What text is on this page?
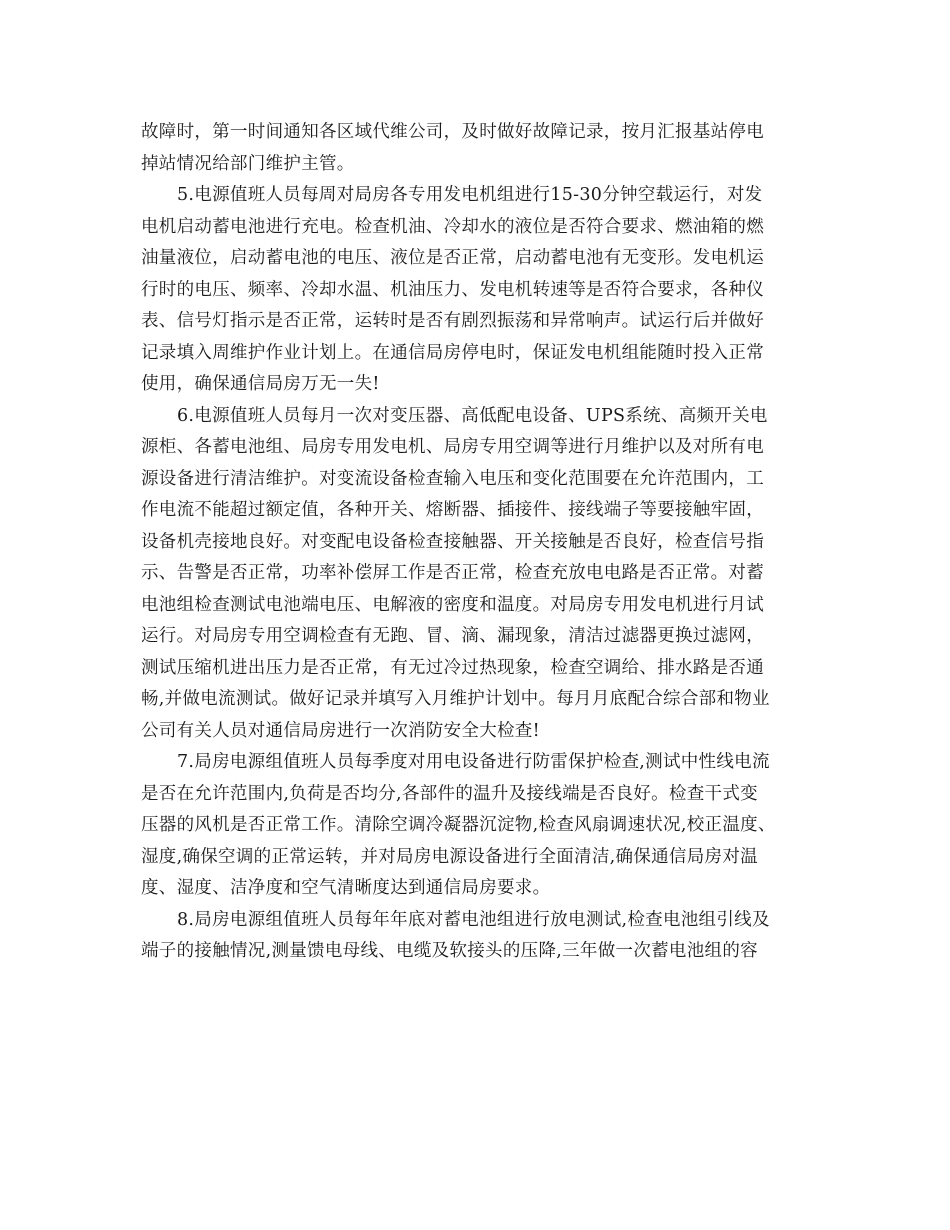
故障时，第一时间通知各区域代维公司，及时做好故障记录，按月汇报基站停电
掉站情况给部门维护主管。
5.电源值班人员每周对局房各专用发电机组进行15-30分钟空载运行，对发
电机启动蓄电池进行充电。检查机油、冷却水的液位是否符合要求、燃油箱的燃
油量液位，启动蓄电池的电压、液位是否正常，启动蓄电池有无变形。发电机运
行时的电压、频率、冷却水温、机油压力、发电机转速等是否符合要求，各种仪
表、信号灯指示是否正常，运转时是否有剧烈振荡和异常响声。试运行后并做好
记录填入周维护作业计划上。在通信局房停电时，保证发电机组能随时投入正常
使用，确保通信局房万无一失!
6.电源值班人员每月一次对变压器、高低配电设备、UPS系统、高频开关电
源柜、各蓄电池组、局房专用发电机、局房专用空调等进行月维护以及对所有电
源设备进行清洁维护。对变流设备检查输入电压和变化范围要在允许范围内，工
作电流不能超过额定值，各种开关、熔断器、插接件、接线端子等要接触牢固，
设备机壳接地良好。对变配电设备检查接触器、开关接触是否良好，检查信号指
示、告警是否正常，功率补偿屏工作是否正常，检查充放电电路是否正常。对蓄
电池组检查测试电池端电压、电解液的密度和温度。对局房专用发电机进行月试
运行。对局房专用空调检查有无跑、冒、滴、漏现象，清洁过滤器更换过滤网，
测试压缩机进出压力是否正常，有无过冷过热现象，检查空调给、排水路是否通
畅,并做电流测试。做好记录并填写入月维护计划中。每月月底配合综合部和物业
公司有关人员对通信局房进行一次消防安全大检查!
7.局房电源组值班人员每季度对用电设备进行防雷保护检查,测试中性线电流
是否在允许范围内,负荷是否均分,各部件的温升及接线端是否良好。检查干式变
压器的风机是否正常工作。清除空调冷凝器沉淀物,检查风扇调速状况,校正温度、
湿度,确保空调的正常运转，并对局房电源设备进行全面清洁,确保通信局房对温
度、湿度、洁净度和空气清晰度达到通信局房要求。
8.局房电源组值班人员每年年底对蓄电池组进行放电测试,检查电池组引线及
端子的接触情况,测量馈电母线、电缆及软接头的压降,三年做一次蓄电池组的容
